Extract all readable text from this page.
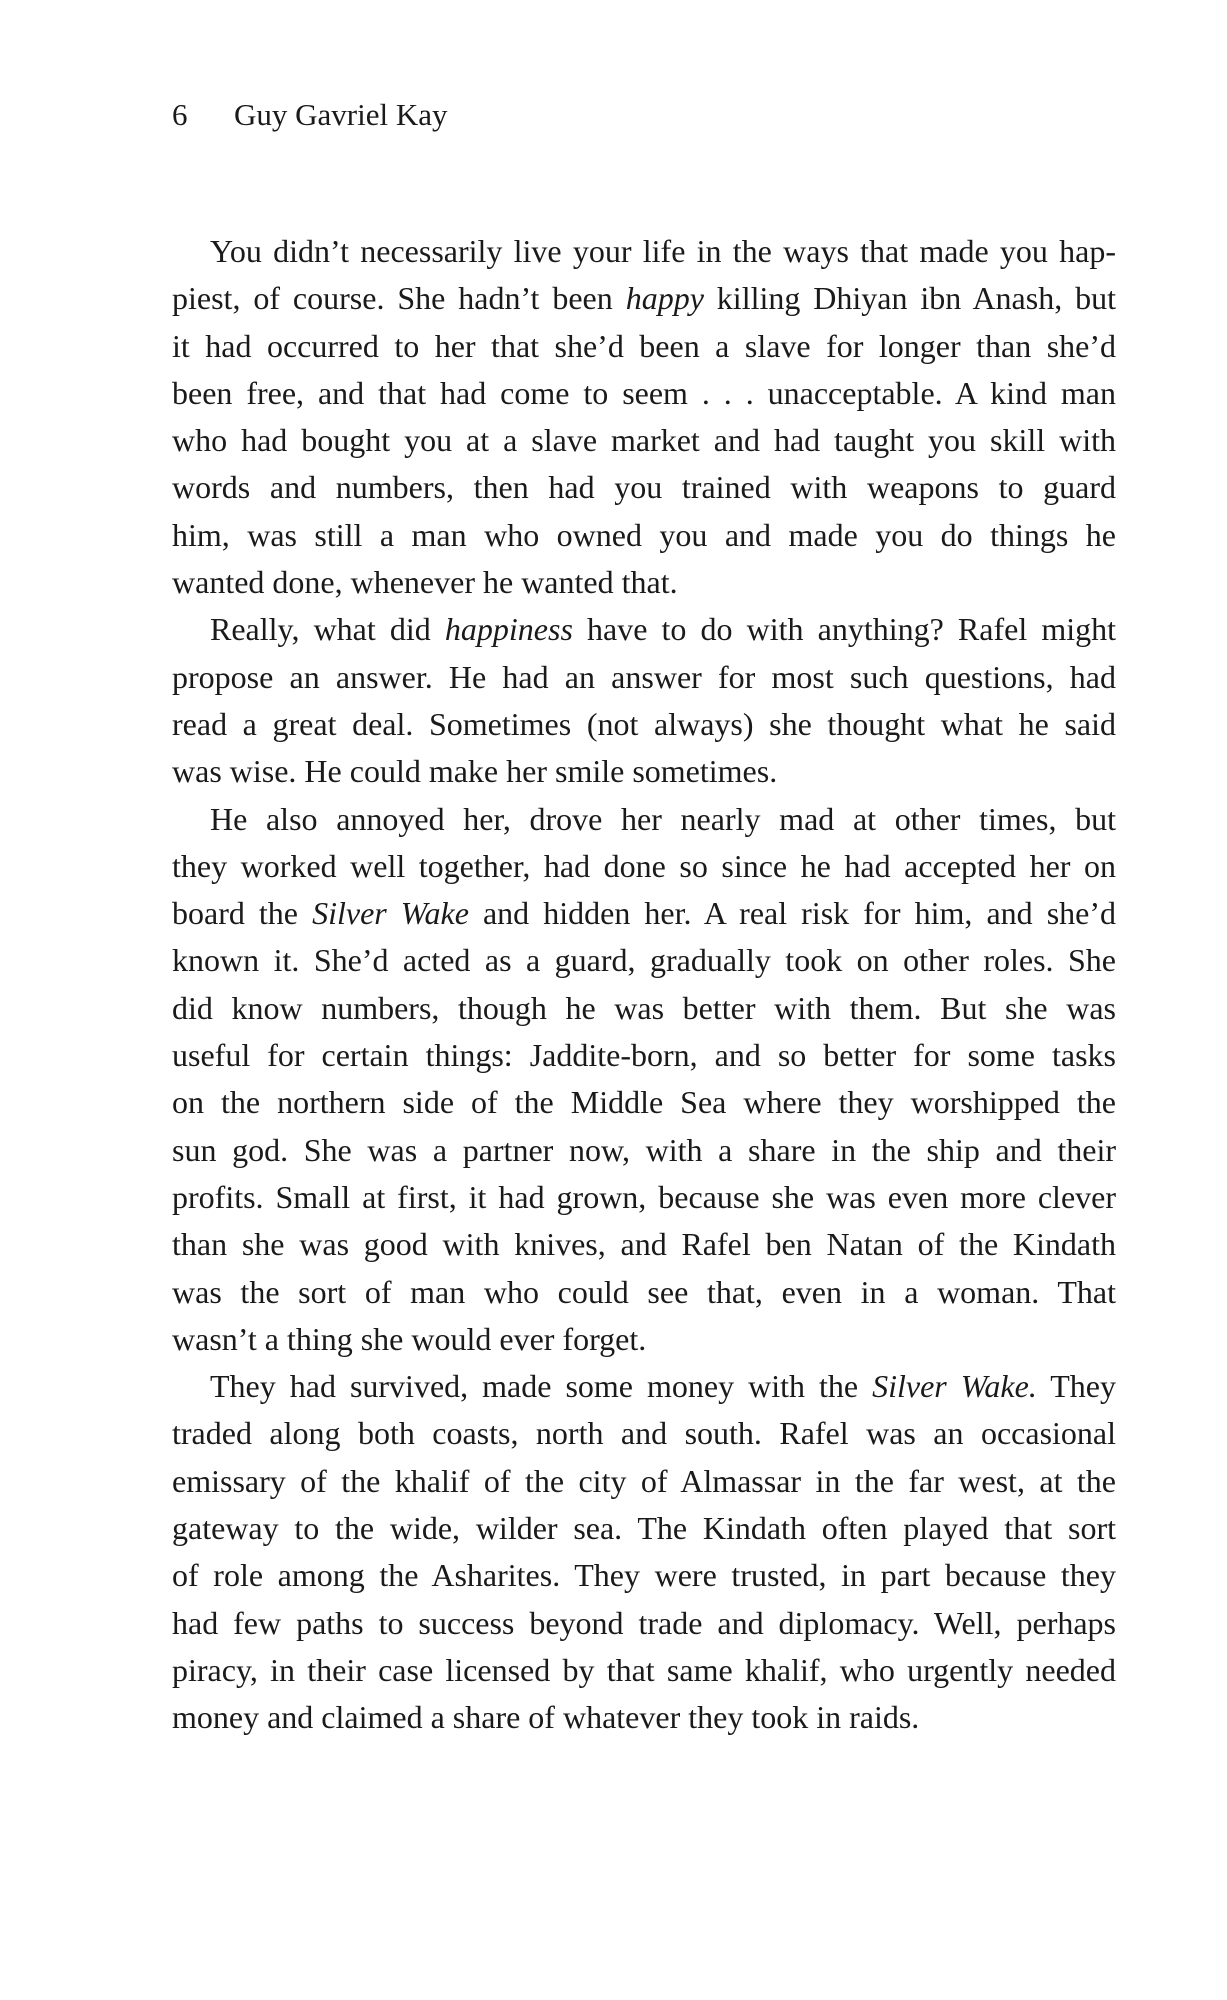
6 Guy Gavriel Kay
You didn’t necessarily live your life in the ways that made you hap-
piest, of course. She hadn’t been happy killing Dhiyan ibn Anash, but
it had occurred to her that she’d been a slave for longer than she’d
been free, and that had come to seem . . . unacceptable. A kind man
who had bought you at a slave market and had taught you skill with
words and numbers, then had you trained with weapons to guard
him, was still a man who owned you and made you do things he
wanted done, whenever he wanted that.
Really, what did happiness have to do with anything? Rafel might
propose an answer. He had an answer for most such questions, had
read a great deal. Sometimes (not always) she thought what he said
was wise. He could make her smile sometimes.
He also annoyed her, drove her nearly mad at other times, but
they worked well together, had done so since he had accepted her on
board the Silver Wake and hidden her. A real risk for him, and she’d
known it. She’d acted as a guard, gradually took on other roles. She
did know numbers, though he was better with them. But she was
useful for certain things: Jaddite-born, and so better for some tasks
on the northern side of the Middle Sea where they worshipped the
sun god. She was a partner now, with a share in the ship and their
profits. Small at first, it had grown, because she was even more clever
than she was good with knives, and Rafel ben Natan of the Kindath
was the sort of man who could see that, even in a woman. That
wasn’t a thing she would ever forget.
They had survived, made some money with the Silver Wake. They
traded along both coasts, north and south. Rafel was an occasional
emissary of the khalif of the city of Almassar in the far west, at the
gateway to the wide, wilder sea. The Kindath often played that sort
of role among the Asharites. They were trusted, in part because they
had few paths to success beyond trade and diplomacy. Well, perhaps
piracy, in their case licensed by that same khalif, who urgently needed
money and claimed a share of whatever they took in raids.
